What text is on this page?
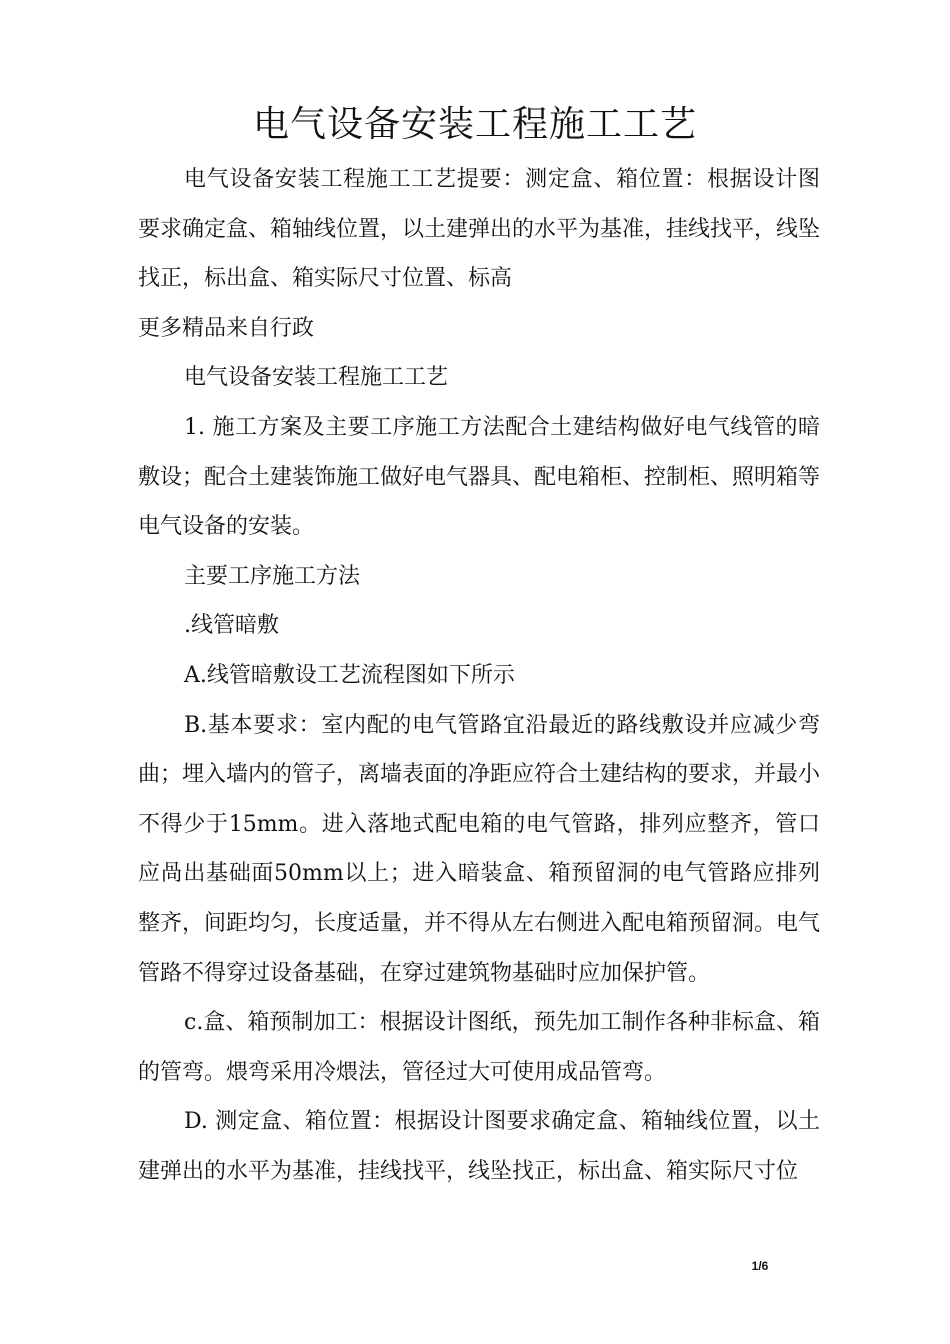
电气设备安装工程施工工艺

电气设备安装工程施工工艺提要：测定盒、箱位置：根据设计图要求确定盒、箱轴线位置，以土建弹出的水平为基准，挂线找平，线坠找正，标出盒、箱实际尺寸位置、标高

更多精品来自行政

电气设备安装工程施工工艺

1. 施工方案及主要工序施工方法配合土建结构做好电气线管的暗敷设；配合土建装饰施工做好电气器具、配电箱柜、控制柜、照明箱等电气设备的安装。

主要工序施工方法

.线管暗敷

A.线管暗敷设工艺流程图如下所示

B.基本要求：室内配的电气管路宜沿最近的路线敷设并应减少弯曲；埋入墙内的管子，离墙表面的净距应符合土建结构的要求，并最小不得少于15mm。进入落地式配电箱的电气管路，排列应整齐，管口应咼出基础面50mm以上；进入暗装盒、箱预留洞的电气管路应排列整齐，间距均匀，长度适量，并不得从左右侧进入配电箱预留洞。电气管路不得穿过设备基础，在穿过建筑物基础时应加保护管。

c.盒、箱预制加工：根据设计图纸，预先加工制作各种非标盒、箱的管弯。煨弯采用冷煨法，管径过大可使用成品管弯。

D. 测定盒、箱位置：根据设计图要求确定盒、箱轴线位置，以土建弹出的水平为基准，挂线找平，线坠找正，标出盒、箱实际尺寸位

1/6
